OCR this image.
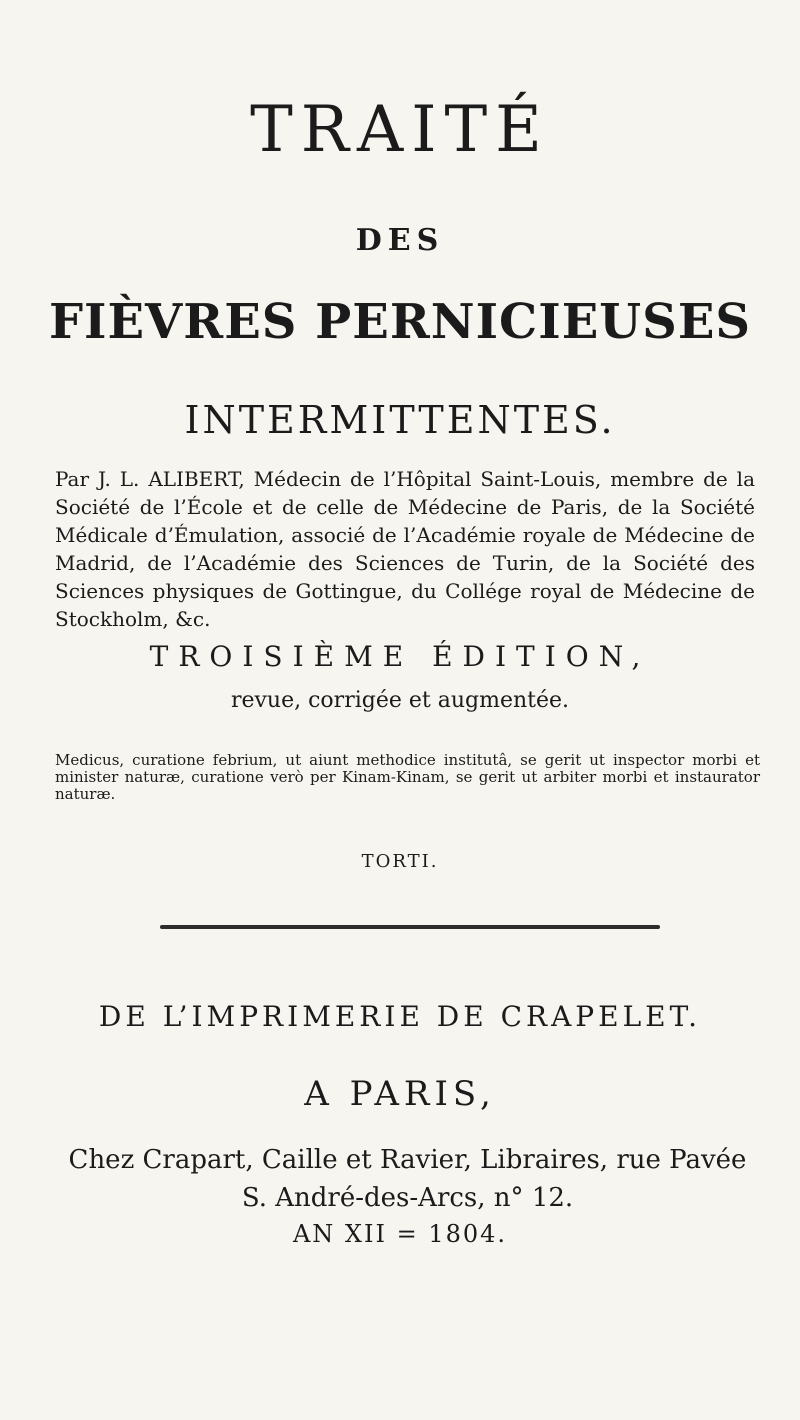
TRAITÉ
DES
FIÈVRES PERNICIEUSES
INTERMITTENTES.
Par J. L. ALIBERT, Médecin de l’Hôpital Saint-Louis, membre de la Société de l’École et de celle de Médecine de Paris, de la Société Médicale d’Émulation, associé de l’Académie royale de Médecine de Madrid, de l’Académie des Sciences de Turin, de la Société des Sciences physiques de Gottingue, du Collége royal de Médecine de Stockholm, &c.
TROISIÈME ÉDITION,
revue, corrigée et augmentée.
Medicus, curatione febrium, ut aiunt methodice institutâ, se gerit ut inspector morbi et minister naturæ, curatione verò per Kinam-Kinam, se gerit ut arbiter morbi et instaurator naturæ.
TORTI.
DE L’IMPRIMERIE DE CRAPELET.
A PARIS,
Chez Crapart, Caille et Ravier, Libraires, rue Pavée S. André-des-Arcs, n° 12.
AN XII = 1804.
